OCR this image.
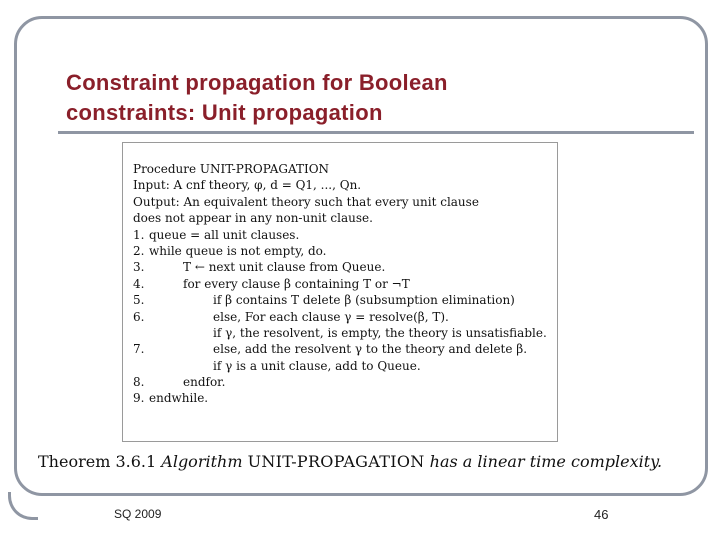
Constraint propagation for Boolean
constraints: Unit propagation
Procedure UNIT-PROPAGATION
Input: A cnf theory, φ, d = Q1, ..., Qn.
Output: An equivalent theory such that every unit clause
does not appear in any non-unit clause.
1. queue = all unit clauses.
2. while queue is not empty, do.
3.	T ← next unit clause from Queue.
4.	for every clause β containing T or ¬T
5.	if β contains T delete β (subsumption elimination)
6.	else, For each clause γ = resolve(β, T).
if γ, the resolvent, is empty, the theory is unsatisfiable.
7.	else, add the resolvent γ to the theory and delete β.
if γ is a unit clause, add to Queue.
8.	endfor.
9. endwhile.
Theorem 3.6.1 Algorithm UNIT-PROPAGATION has a linear time complexity.
SQ 2009	46
